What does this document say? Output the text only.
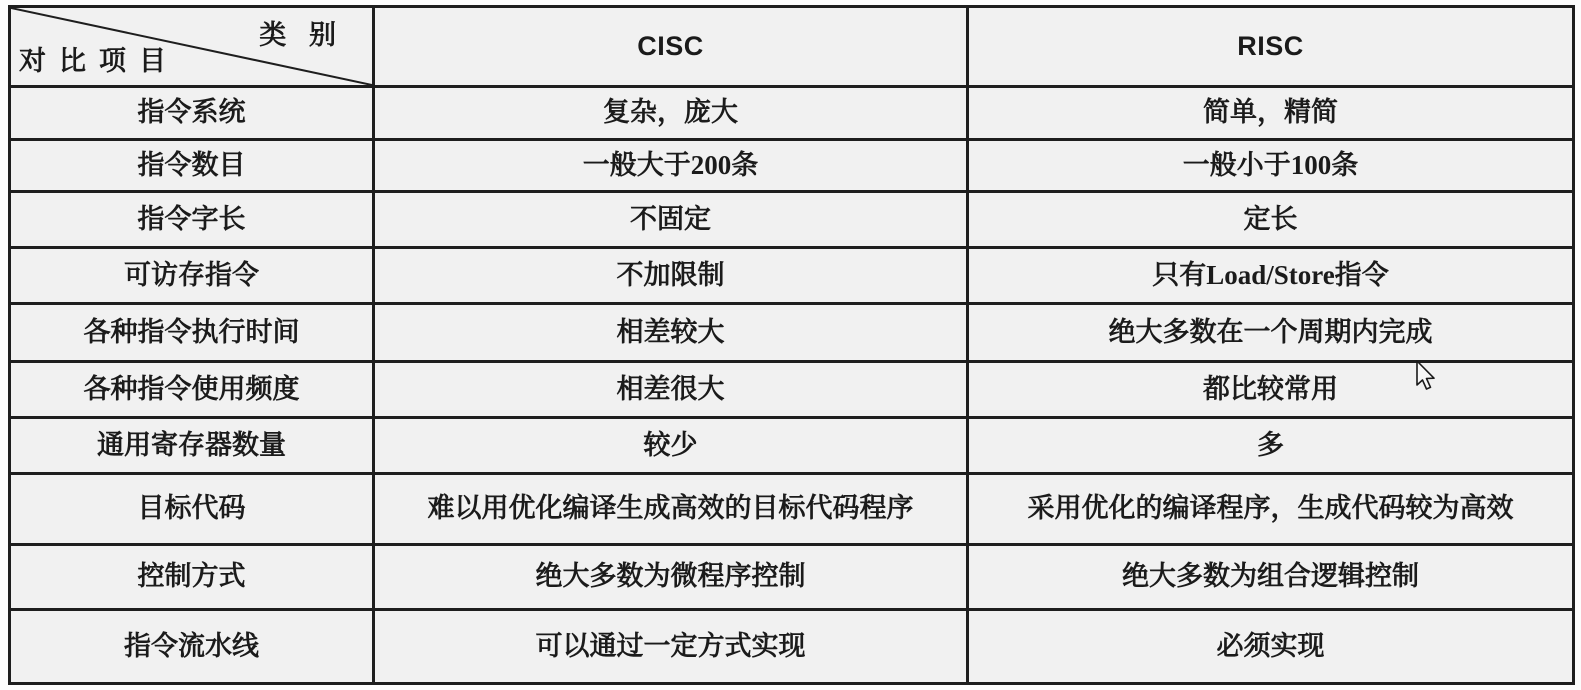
类 别
对比项目	CISC	RISC
指令系统	复杂，庞大	简单，精简
指令数目	一般大于200条	一般小于100条
指令字长	不固定	定长
可访存指令	不加限制	只有Load/Store指令
各种指令执行时间	相差较大	绝大多数在一个周期内完成
各种指令使用频度	相差很大	都比较常用
通用寄存器数量	较少	多
目标代码	难以用优化编译生成高效的目标代码程序	采用优化的编译程序，生成代码较为高效
控制方式	绝大多数为微程序控制	绝大多数为组合逻辑控制
指令流水线	可以通过一定方式实现	必须实现
